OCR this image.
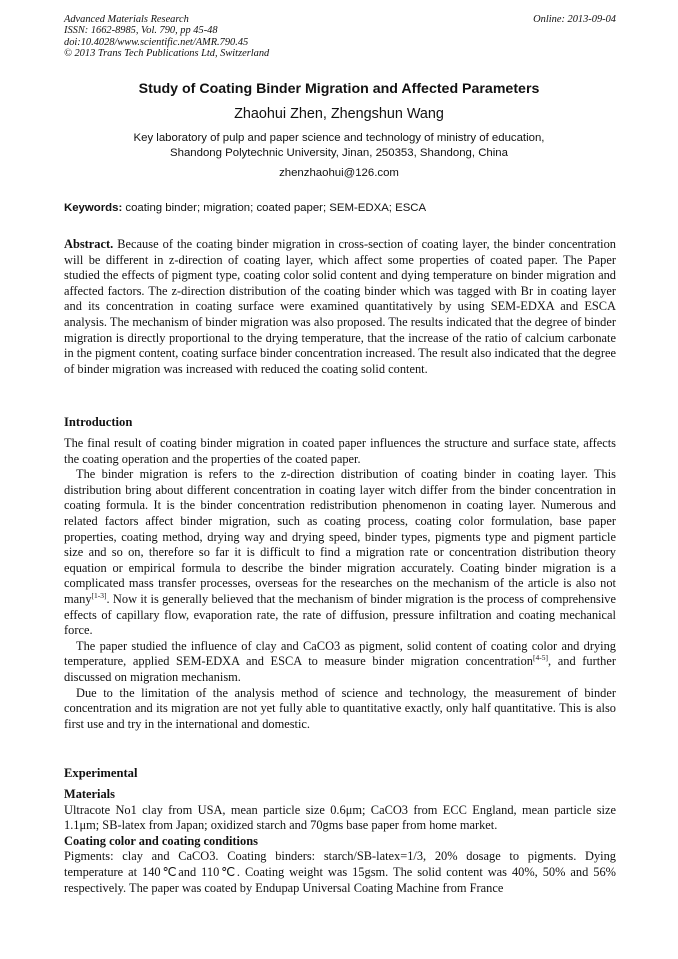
Advanced Materials Research
ISSN: 1662-8985, Vol. 790, pp 45-48
doi:10.4028/www.scientific.net/AMR.790.45
© 2013 Trans Tech Publications Ltd, Switzerland
Online: 2013-09-04
Study of Coating Binder Migration and Affected Parameters
Zhaohui Zhen, Zhengshun Wang
Key laboratory of pulp and paper science and technology of ministry of education,
Shandong Polytechnic University, Jinan, 250353, Shandong, China
zhenzhaohui@126.com
Keywords: coating binder; migration; coated paper; SEM-EDXA; ESCA
Abstract. Because of the coating binder migration in cross-section of coating layer, the binder concentration will be different in z-direction of coating layer, which affect some properties of coated paper. The Paper studied the effects of pigment type, coating color solid content and dying temperature on binder migration and affected factors. The z-direction distribution of the coating binder which was tagged with Br in coating layer and its concentration in coating surface were examined quantitatively by using SEM-EDXA and ESCA analysis. The mechanism of binder migration was also proposed. The results indicated that the degree of binder migration is directly proportional to the drying temperature, that the increase of the ratio of calcium carbonate in the pigment content, coating surface binder concentration increased. The result also indicated that the degree of binder migration was increased with reduced the coating solid content.
Introduction

The final result of coating binder migration in coated paper influences the structure and surface state, affects the coating operation and the properties of the coated paper.

The binder migration is refers to the z-direction distribution of coating binder in coating layer. This distribution bring about different concentration in coating layer witch differ from the binder concentration in coating formula. It is the binder concentration redistribution phenomenon in coating layer. Numerous and related factors affect binder migration, such as coating process, coating color formulation, base paper properties, coating method, drying way and drying speed, binder types, pigments type and pigment particle size and so on, therefore so far it is difficult to find a migration rate or concentration distribution theory equation or empirical formula to describe the binder migration accurately. Coating binder migration is a complicated mass transfer processes, overseas for the researches on the mechanism of the article is also not many[1-3]. Now it is generally believed that the mechanism of binder migration is the process of comprehensive effects of capillary flow, evaporation rate, the rate of diffusion, pressure infiltration and coating mechanical force.

The paper studied the influence of clay and CaCO3 as pigment, solid content of coating color and drying temperature, applied SEM-EDXA and ESCA to measure binder migration concentration[4-5], and further discussed on migration mechanism.

Due to the limitation of the analysis method of science and technology, the measurement of binder concentration and its migration are not yet fully able to quantitative exactly, only half quantitative. This is also first use and try in the international and domestic.

Experimental

Materials

Ultracote No1 clay from USA, mean particle size 0.6μm; CaCO3 from ECC England, mean particle size 1.1μm; SB-latex from Japan; oxidized starch and 70gms base paper from home market.

Coating color and coating conditions

Pigments: clay and CaCO3. Coating binders: starch/SB-latex=1/3, 20% dosage to pigments. Dying temperature at 140℃and 110℃. Coating weight was 15gsm. The solid content was 40%, 50% and 56% respectively. The paper was coated by Endupap Universal Coating Machine from France
